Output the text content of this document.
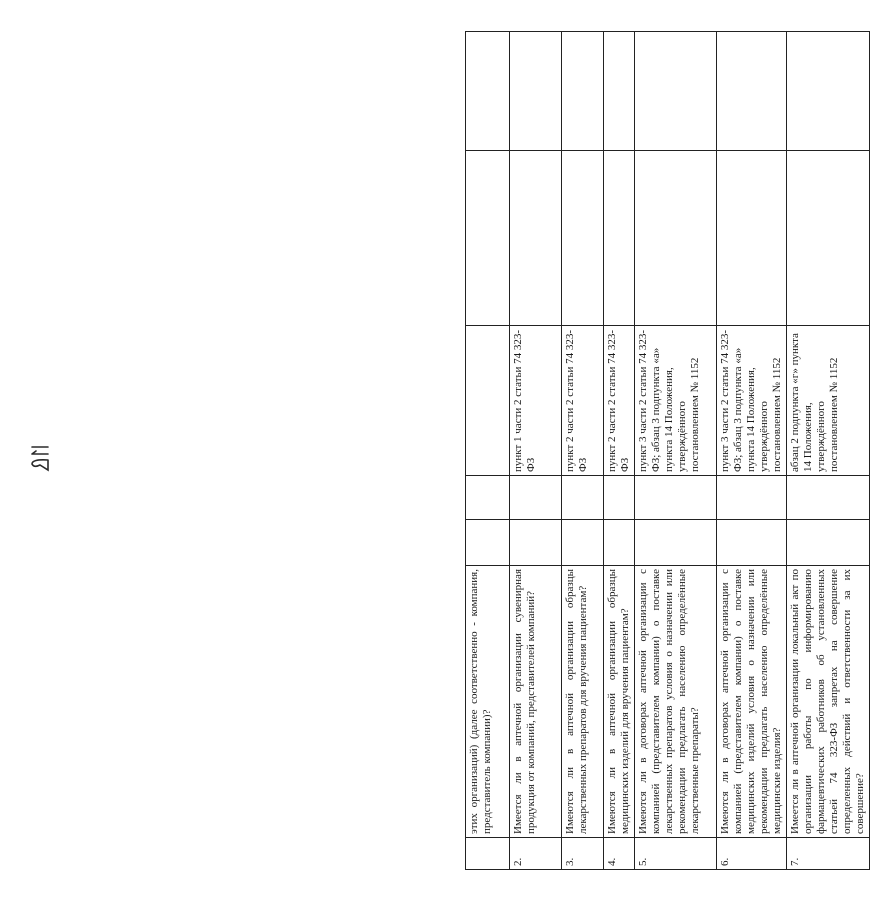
	этих организаций) (далее соответственно - компания, представитель компании)?					
2.	Имеется ли в аптечной организации сувенирная продукция от компаний, представителей компаний?			пункт 1 части 2 статьи 74 323-ФЗ		
3.	Имеются ли в аптечной организации образцы лекарственных препаратов для вручения пациентам?			пункт 2 части 2 статьи 74 323-ФЗ		
4.	Имеются ли в аптечной организации образцы медицинских изделий для вручения пациентам?			пункт 2 части 2 статьи 74 323-ФЗ		
5.	Имеются ли в договорах аптечной организации с компанией (представителем компании) о поставке лекарственных препаратов условия о назначении или рекомендации предлагать населению определённые лекарственные препараты?			пункт 3 части 2 статьи 74 323-ФЗ; абзац 3 подпункта «а» пункта 14 Положения, утверждённого постановлением № 1152		
6.	Имеются ли в договорах аптечной организации с компанией (представителем компании) о поставке медицинских изделий условия о назначении или рекомендации предлагать населению определённые медицинские изделия?			пункт 3 части 2 статьи 74 323-ФЗ; абзац 3 подпункта «а» пункта 14 Положения, утверждённого постановлением № 1152		
7.	Имеется ли в аптечной организации локальный акт по организации работы по информированию фармацевтических работников об установленных статьей 74 323-ФЗ запретах на совершение определенных действий и ответственности за их совершение?			абзац 2 подпункта «г» пункта 14 Положения, утверждённого постановлением № 1152		
